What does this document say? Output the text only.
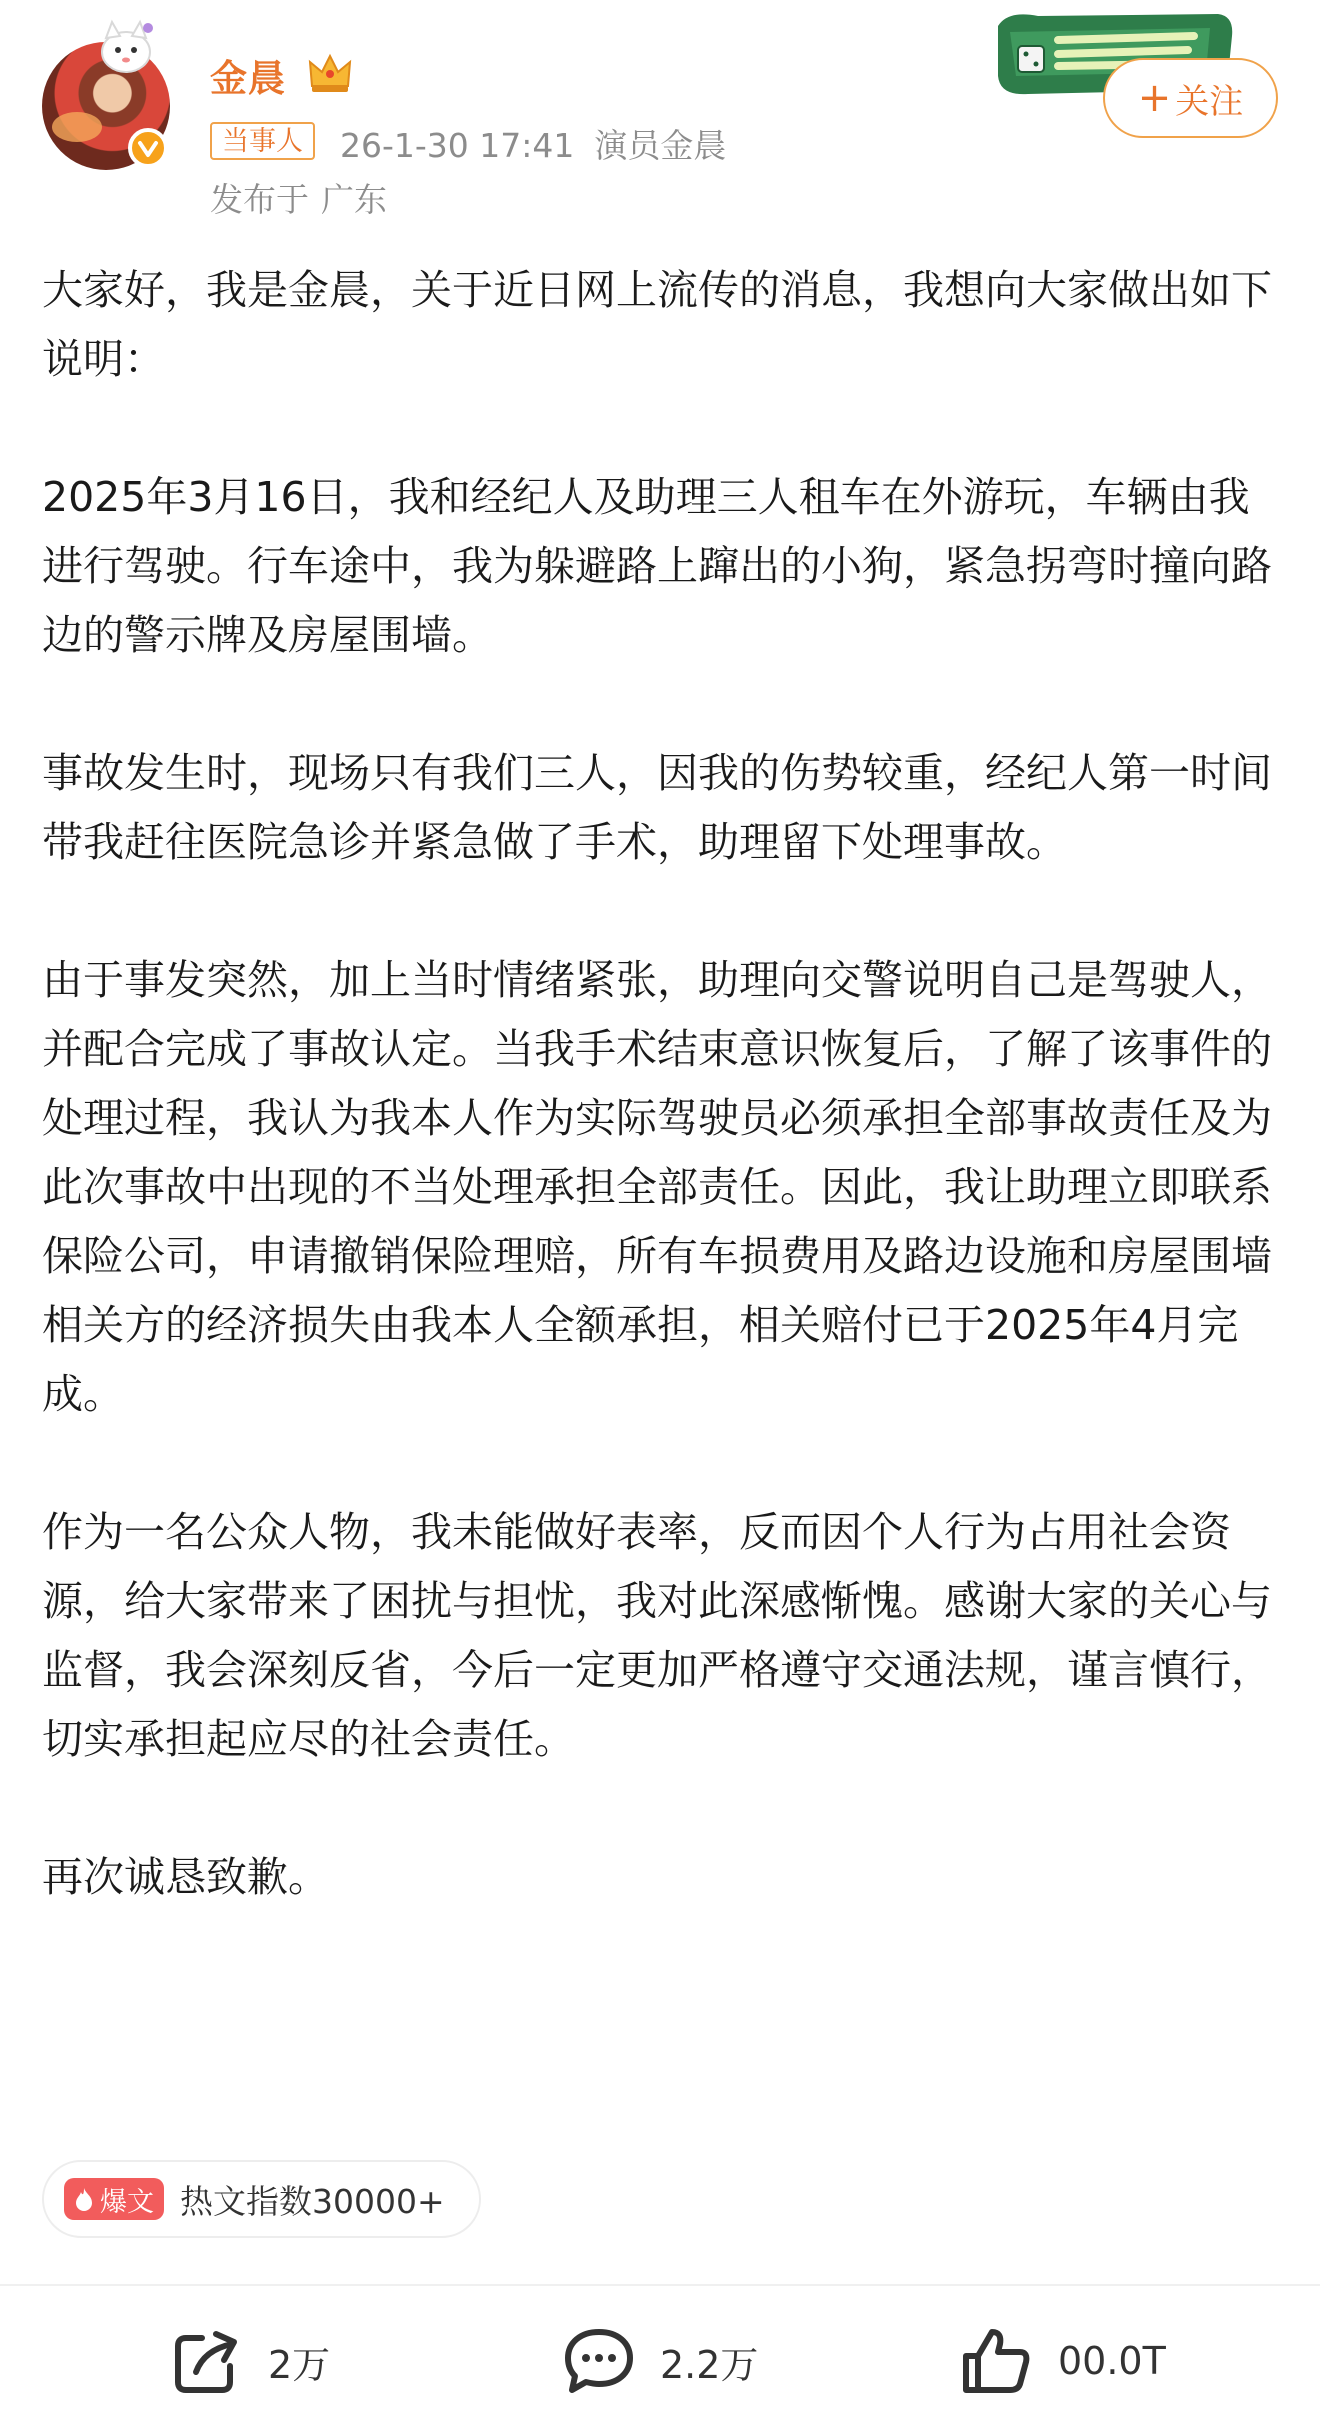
金晨
当事人	26-1-30 17:41 演员金晨
发布于 广东
+ 关注

大家好，我是金晨，关于近日网上流传的消息，我想向大家做出如下说明：

2025年3月16日，我和经纪人及助理三人租车在外游玩，车辆由我进行驾驶。行车途中，我为躲避路上蹿出的小狗，紧急拐弯时撞向路边的警示牌及房屋围墙。

事故发生时，现场只有我们三人，因我的伤势较重，经纪人第一时间带我赶往医院急诊并紧急做了手术，助理留下处理事故。

由于事发突然，加上当时情绪紧张，助理向交警说明自己是驾驶人，并配合完成了事故认定。当我手术结束意识恢复后，了解了该事件的处理过程，我认为我本人作为实际驾驶员必须承担全部事故责任及为此次事故中出现的不当处理承担全部责任。因此，我让助理立即联系保险公司，申请撤销保险理赔，所有车损费用及路边设施和房屋围墙相关方的经济损失由我本人全额承担，相关赔付已于2025年4月完成。

作为一名公众人物，我未能做好表率，反而因个人行为占用社会资源，给大家带来了困扰与担忧，我对此深感惭愧。感谢大家的关心与监督，我会深刻反省，今后一定更加严格遵守交通法规，谨言慎行，切实承担起应尽的社会责任。

再次诚恳致歉。

爆文 热文指数30000+
2万	2.2万	00.0T
